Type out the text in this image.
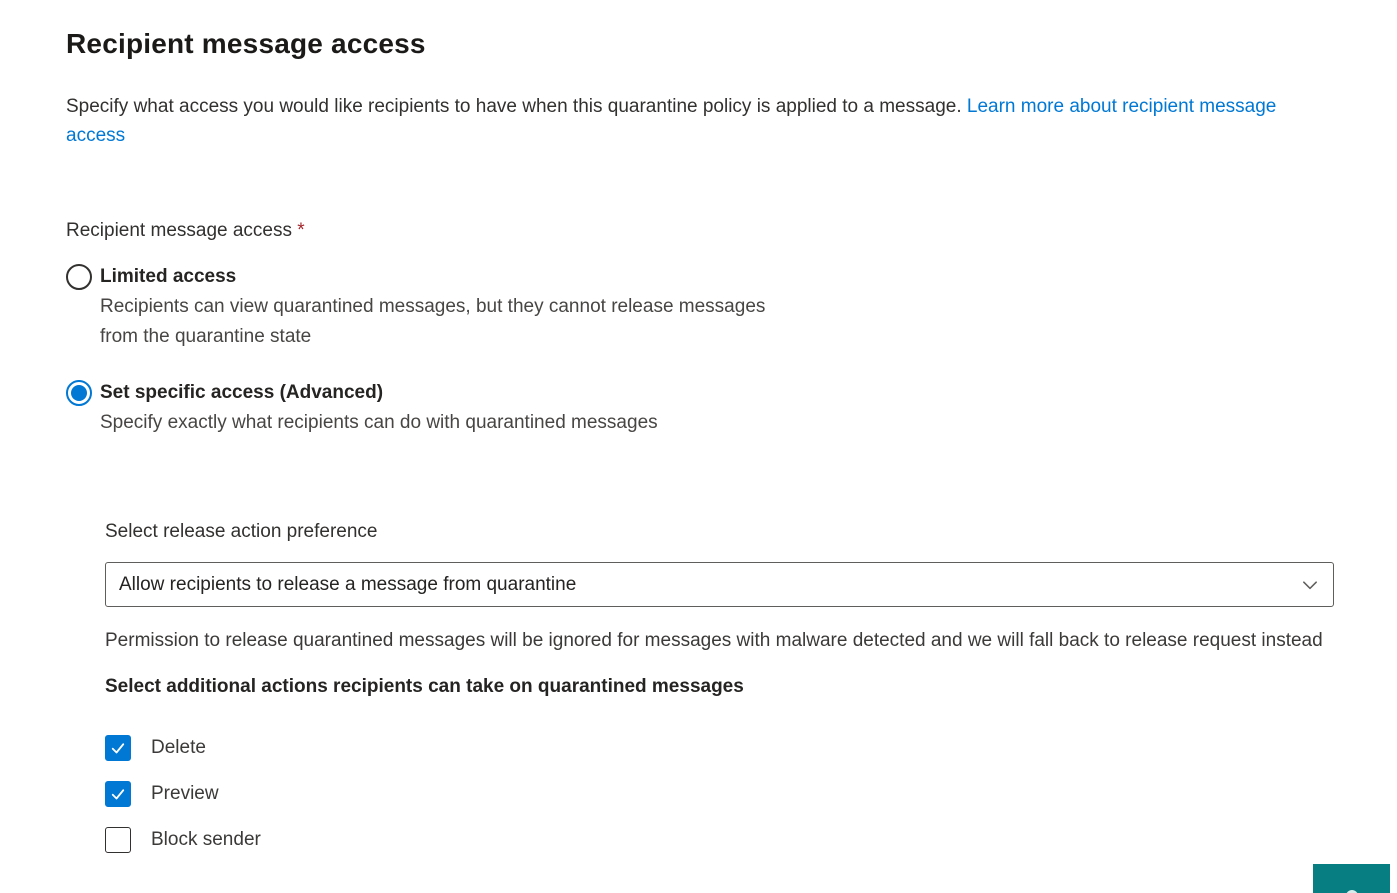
Recipient message access

Specify what access you would like recipients to have when this quarantine policy is applied to a message. Learn more about recipient message access

Recipient message access *
Limited access
Recipients can view quarantined messages, but they cannot release messages from the quarantine state
Set specific access (Advanced)
Specify exactly what recipients can do with quarantined messages
Select release action preference
Allow recipients to release a message from quarantine

Permission to release quarantined messages will be ignored for messages with malware detected and we will fall back to release request instead

Select additional actions recipients can take on quarantined messages
Delete
Preview
Block sender
